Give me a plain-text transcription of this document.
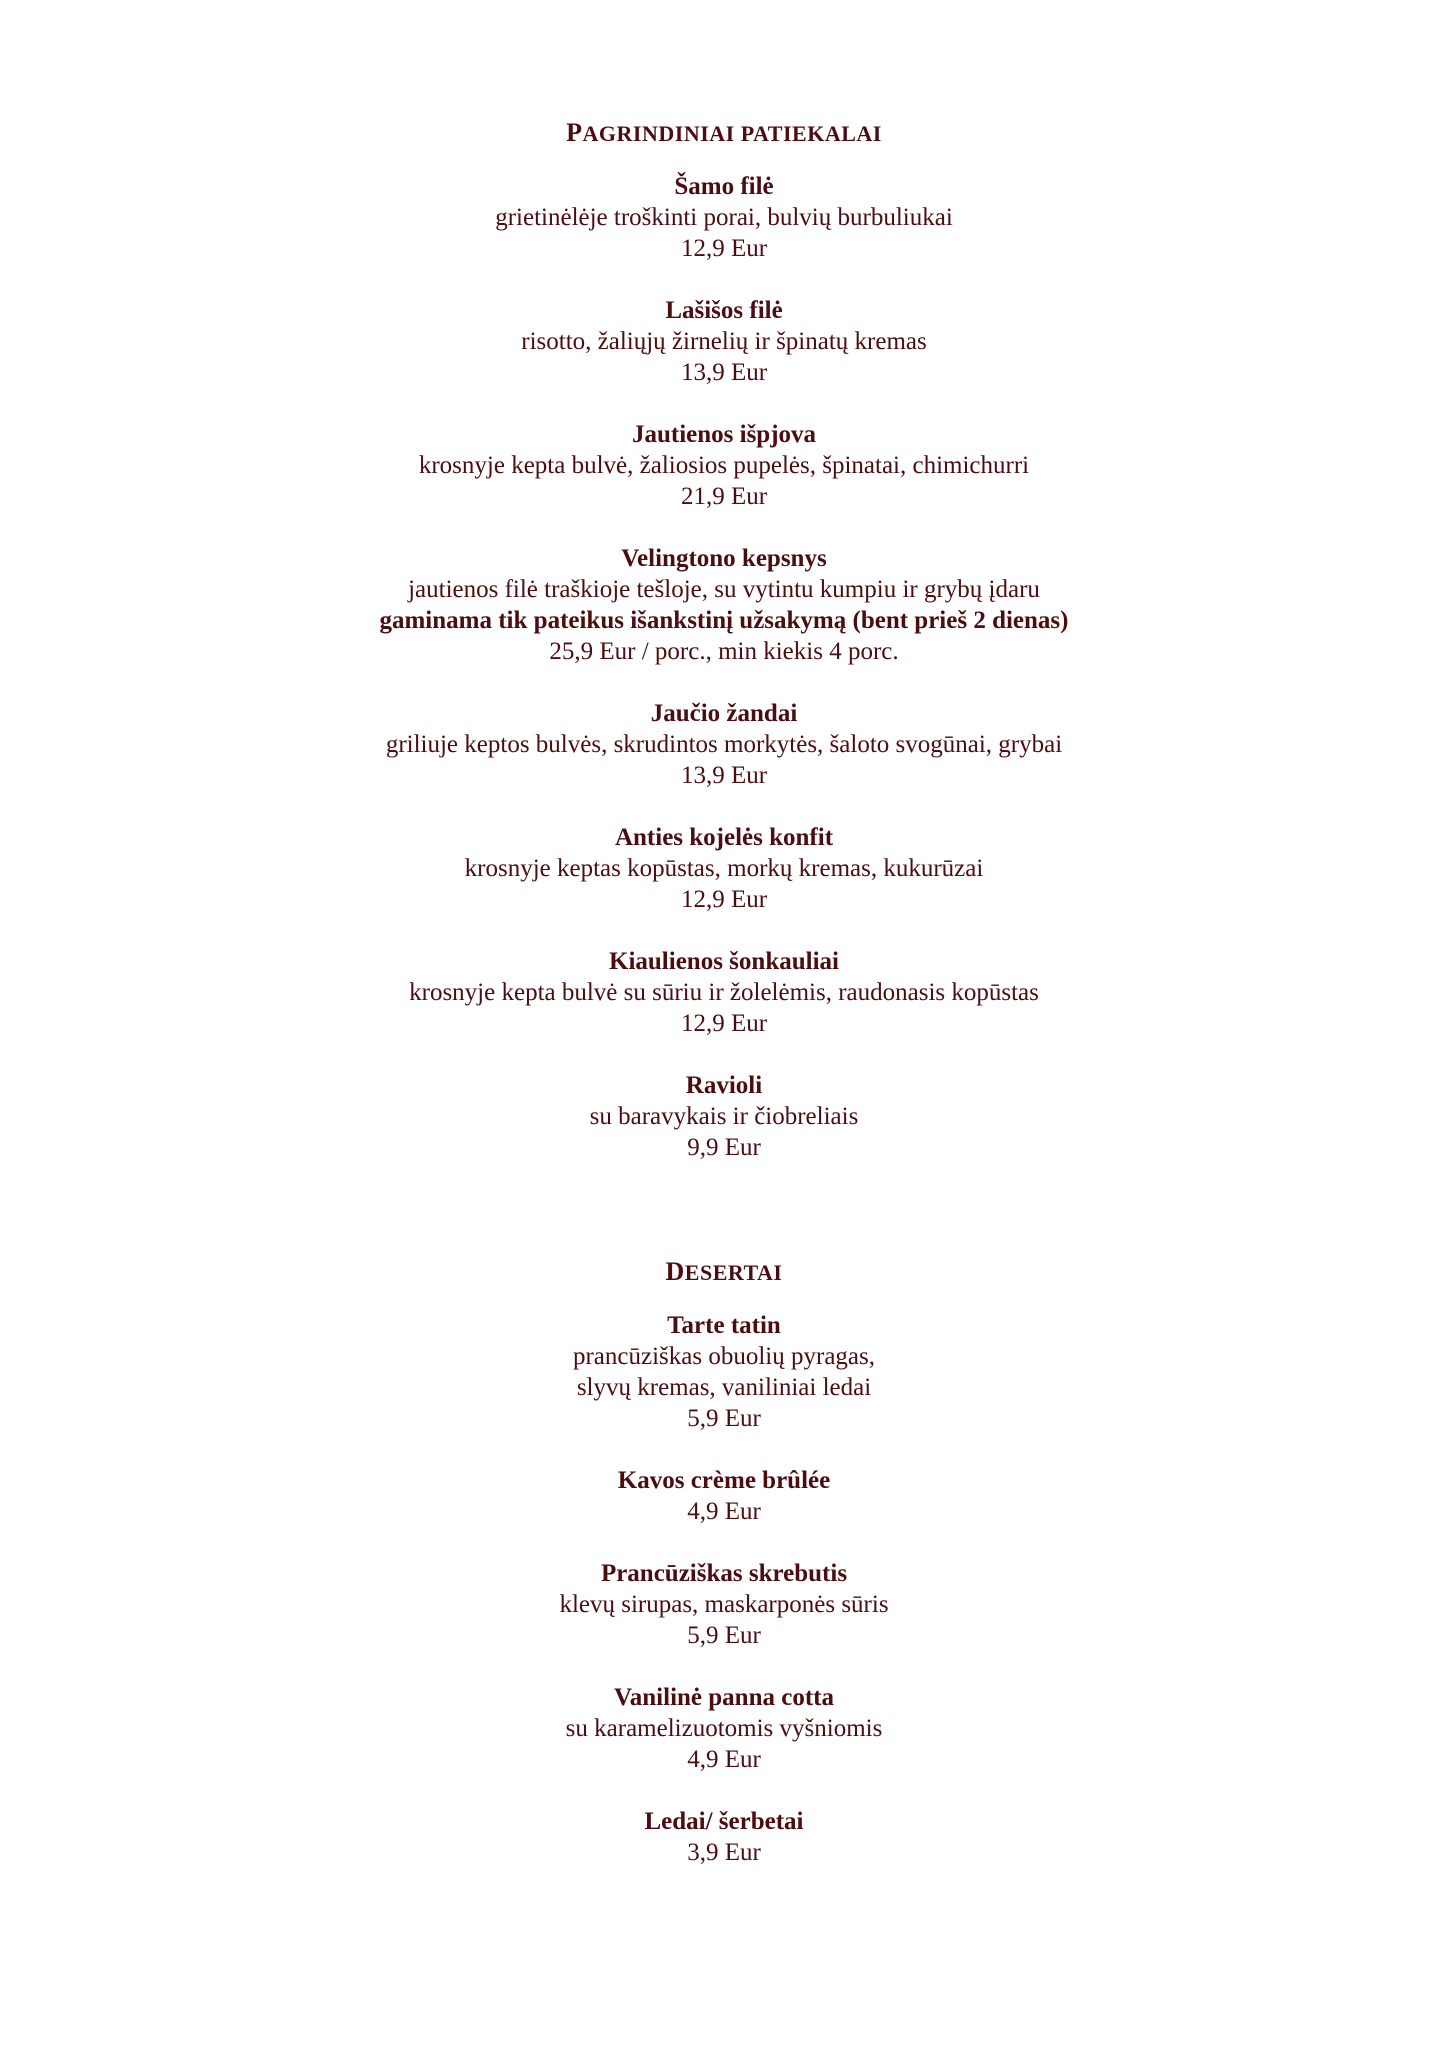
PAGRINDINIAI PATIEKALAI
Šamo filė
grietinėlėje troškinti porai, bulvių burbuliukai
12,9 Eur
Lašišos filė
risotto, žaliųjų žirnelių ir špinatų kremas
13,9 Eur
Jautienos išpjova
krosnyje kepta bulvė, žaliosios pupelės, špinatai, chimichurri
21,9 Eur
Velingtono kepsnys
jautienos filė traškioje tešloje, su vytintu kumpiu ir grybų įdaru
gaminama tik pateikus išankstinį užsakymą (bent prieš 2 dienas)
25,9 Eur / porc., min kiekis 4 porc.
Jaučio žandai
griliuje keptos bulvės, skrudintos morkytės, šaloto svogūnai, grybai
13,9 Eur
Anties kojelės konfit
krosnyje keptas kopūstas, morkų kremas, kukurūzai
12,9 Eur
Kiaulienos šonkauliai
krosnyje kepta bulvė su sūriu ir žolelėmis, raudonasis kopūstas
12,9 Eur
Ravioli
su baravykais ir čiobreliais
9,9 Eur
DESERTAI
Tarte tatin
prancūziškas obuolių pyragas,
slyvų kremas, vaniliniai ledai
5,9 Eur
Kavos crème brûlée
4,9 Eur
Prancūziškas skrebutis
klevų sirupas, maskarponės sūris
5,9 Eur
Vanilinė panna cotta
su karamelizuotomis vyšniomis
4,9 Eur
Ledai/ šerbetai
3,9 Eur
